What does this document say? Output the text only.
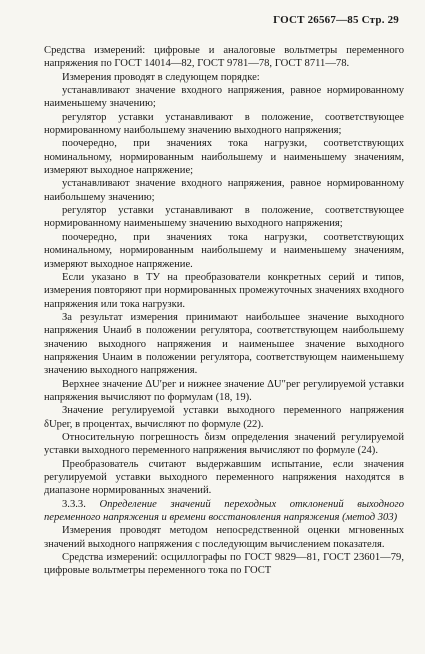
ГОСТ 26567—85 Стр. 29

Средства измерений: цифровые и аналоговые вольтметры переменного напряжения по ГОСТ 14014—82, ГОСТ 9781—78, ГОСТ 8711—78.

Измерения проводят в следующем порядке:

устанавливают значение входного напряжения, равное нормированному наименьшему значению;

регулятор уставки устанавливают в положение, соответствующее нормированному наибольшему значению выходного напряжения;

поочередно, при значениях тока нагрузки, соответствующих номинальному, нормированным наибольшему и наименьшему значениям, измеряют выходное напряжение;

устанавливают значение входного напряжения, равное нормированному наибольшему значению;

регулятор уставки устанавливают в положение, соответствующее нормированному наименьшему значению выходного напряжения;

поочередно, при значениях тока нагрузки, соответствующих номинальному, нормированным наибольшему и наименьшему значениям, измеряют выходное напряжение.

Если указано в ТУ на преобразователи конкретных серий и типов, измерения повторяют при нормированных промежуточных значениях входного напряжения или тока нагрузки.

За результат измерения принимают наибольшее значение выходного напряжения Uнаиб в положении регулятора, соответствующем наибольшему значению выходного напряжения и наименьшее значение выходного напряжения Uнаим в положении регулятора, соответствующем наименьшему значению выходного напряжения.

Верхнее значение ΔU′рег и нижнее значение ΔU″рег регулируемой уставки напряжения вычисляют по формулам (18, 19).

Значение регулируемой уставки выходного переменного напряжения δUрег, в процентах, вычисляют по формуле (22).

Относительную погрешность δизм определения значений регулируемой уставки выходного переменного напряжения вычисляют по формуле (24).

Преобразователь считают выдержавшим испытание, если значения регулируемой уставки выходного переменного напряжения находятся в диапазоне нормированных значений.

3.3.3. Определение значений переходных отклонений выходного переменного напряжения и времени восстановления напряжения (метод 303)

Измерения проводят методом непосредственной оценки мгновенных значений выходного напряжения с последующим вычислением показателя.

Средства измерений: осциллографы по ГОСТ 9829—81, ГОСТ 23601—79, цифровые вольтметры переменного тока по ГОСТ
